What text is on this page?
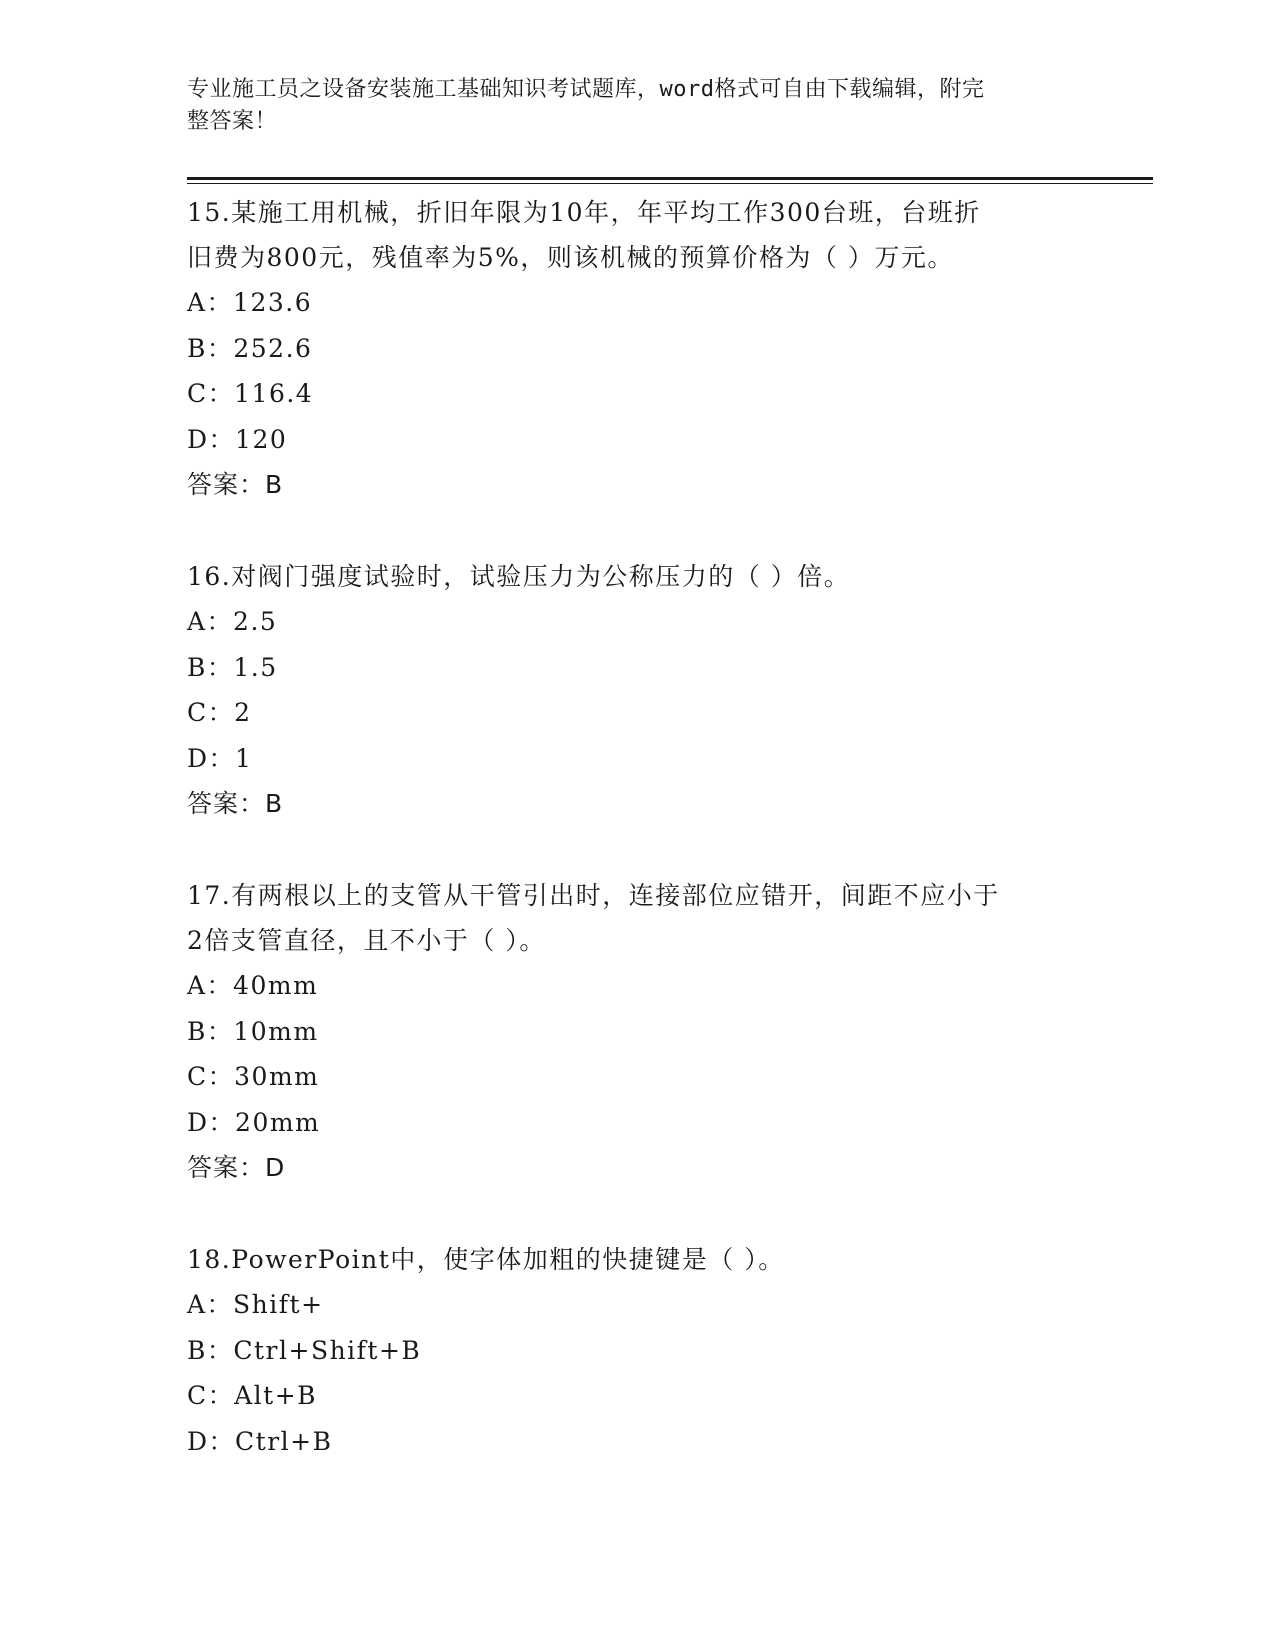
专业施工员之设备安装施工基础知识考试题库，word格式可自由下载编辑，附完
整答案！

15.某施工用机械，折旧年限为10年，年平均工作300台班，台班折

旧费为800元，残值率为5%，则该机械的预算价格为（ ）万元。

A：123.6

B：252.6

C：116.4

D：120

答案：B

16.对阀门强度试验时，试验压力为公称压力的（ ）倍。

A：2.5

B：1.5

C：2

D：1

答案：B

17.有两根以上的支管从干管引出时，连接部位应错开，间距不应小于

2倍支管直径，且不小于（ ）。

A：40mm

B：10mm

C：30mm

D：20mm

答案：D

18.PowerPoint中，使字体加粗的快捷键是（ ）。

A：Shift+

B：Ctrl+Shift+B

C：Alt+B

D：Ctrl+B
